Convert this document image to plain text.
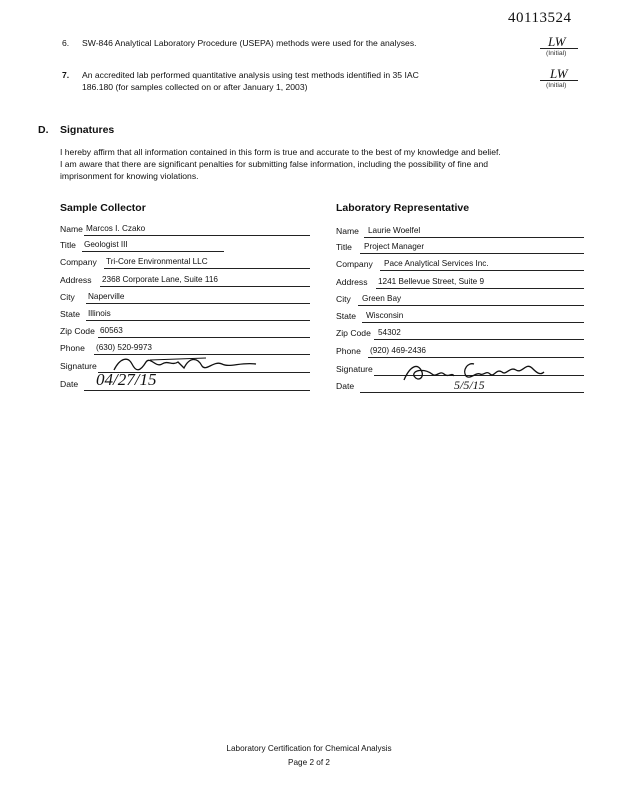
40113524
6. SW-846 Analytical Laboratory Procedure (USEPA) methods were used for the analyses.	LW
(Initial)
7. An accredited lab performed quantitative analysis using test methods identified in 35 IAC
186.180 (for samples collected on or after January 1, 2003)
LW
(Initial)
D. Signatures
I hereby affirm that all information contained in this form is true and accurate to the best of my knowledge and belief.
I am aware that there are significant penalties for submitting false information, including the possibility of fine and
imprisonment for knowing violations.
Sample Collector	Laboratory Representative
Name Marcos I. Czako
Title Geologist III
Company Tri-Core Environmental LLC
Address 2368 Corporate Lane, Suite 116
City Naperville
State Illinois
Zip Code 60563
Phone (630) 520-9973
Signature
Date 04/27/15
Name Laurie Woelfel
Title Project Manager
Company Pace Analytical Services Inc.
Address 1241 Bellevue Street, Suite 9
City Green Bay
State Wisconsin
Zip Code 54302
Phone (920) 469-2436
Signature
Date	5/5/15
Laboratory Certification for Chemical Analysis
Page 2 of 2
